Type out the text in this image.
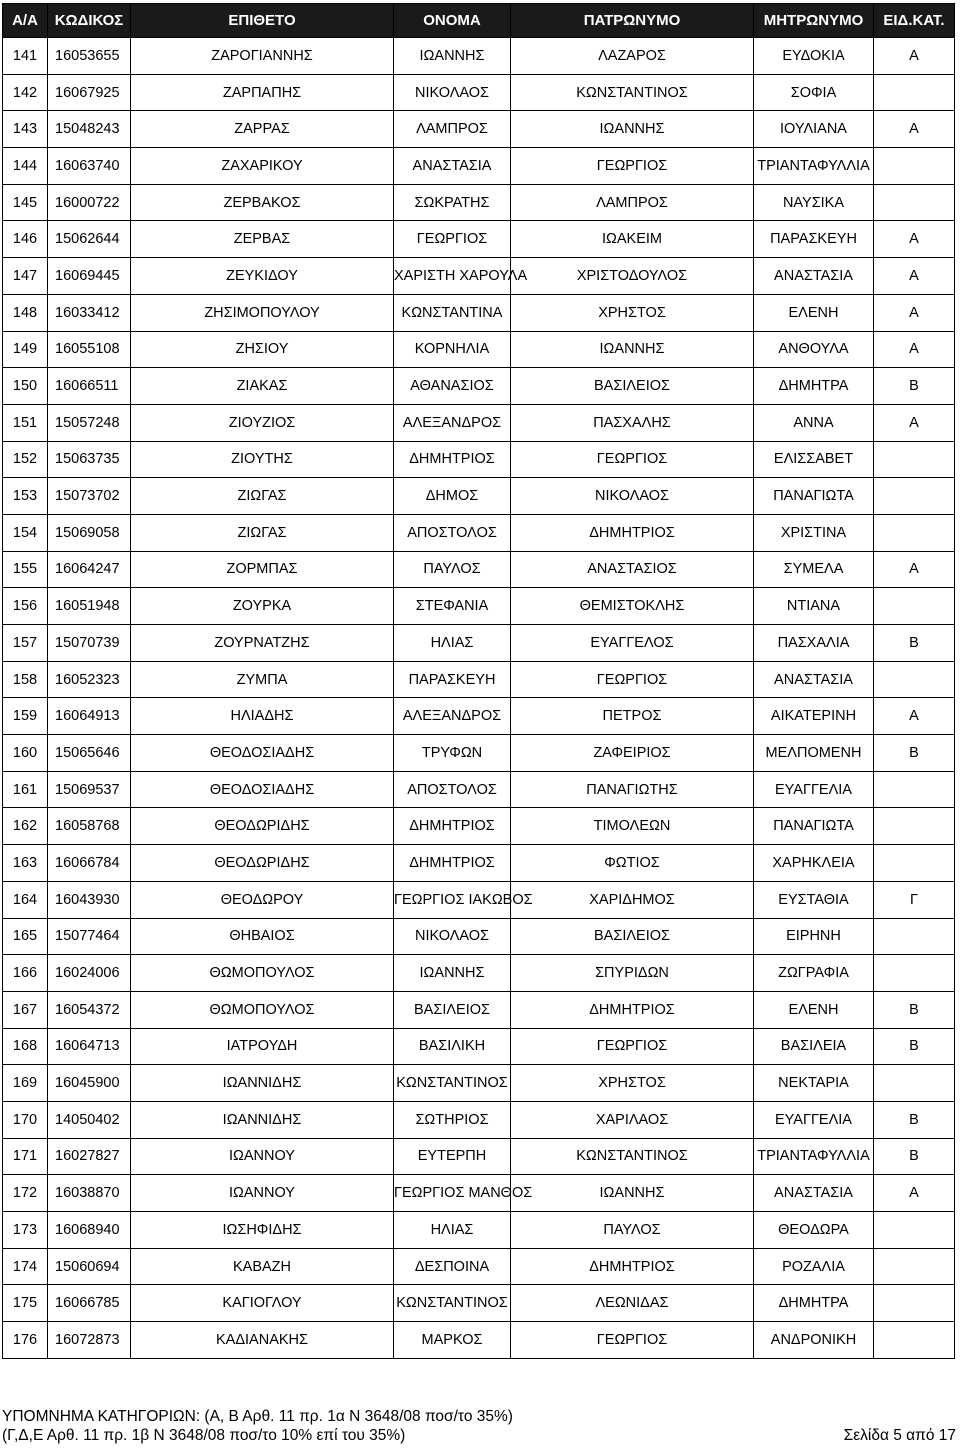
Α/Α	ΚΩΔΙΚΟΣ	ΕΠΙΘΕΤΟ	ΟΝΟΜΑ	ΠΑΤΡΩΝΥΜΟ	ΜΗΤΡΩΝΥΜΟ	ΕΙΔ.ΚΑΤ.
141	16053655	ΖΑΡΟΓΙΑΝΝΗΣ	ΙΩΑΝΝΗΣ	ΛΑΖΑΡΟΣ	ΕΥΔΟΚΙΑ	Α
142	16067925	ΖΑΡΠΑΠΗΣ	ΝΙΚΟΛΑΟΣ	ΚΩΝΣΤΑΝΤΙΝΟΣ	ΣΟΦΙΑ	
143	15048243	ΖΑΡΡΑΣ	ΛΑΜΠΡΟΣ	ΙΩΑΝΝΗΣ	ΙΟΥΛΙΑΝΑ	Α
144	16063740	ΖΑΧΑΡΙΚΟΥ	ΑΝΑΣΤΑΣΙΑ	ΓΕΩΡΓΙΟΣ	ΤΡΙΑΝΤΑΦΥΛΛΙΑ	
145	16000722	ΖΕΡΒΑΚΟΣ	ΣΩΚΡΑΤΗΣ	ΛΑΜΠΡΟΣ	ΝΑΥΣΙΚΑ	
146	15062644	ΖΕΡΒΑΣ	ΓΕΩΡΓΙΟΣ	ΙΩΑΚΕΙΜ	ΠΑΡΑΣΚΕΥΗ	Α
147	16069445	ΖΕΥΚΙΔΟΥ	ΧΑΡΙΣΤΗ ΧΑΡΟΥΛΑ	ΧΡΙΣΤΟΔΟΥΛΟΣ	ΑΝΑΣΤΑΣΙΑ	Α
148	16033412	ΖΗΣΙΜΟΠΟΥΛΟΥ	ΚΩΝΣΤΑΝΤΙΝΑ	ΧΡΗΣΤΟΣ	ΕΛΕΝΗ	Α
149	16055108	ΖΗΣΙΟΥ	ΚΟΡΝΗΛΙΑ	ΙΩΑΝΝΗΣ	ΑΝΘΟΥΛΑ	Α
150	16066511	ΖΙΑΚΑΣ	ΑΘΑΝΑΣΙΟΣ	ΒΑΣΙΛΕΙΟΣ	ΔΗΜΗΤΡΑ	Β
151	15057248	ΖΙΟΥΖΙΟΣ	ΑΛΕΞΑΝΔΡΟΣ	ΠΑΣΧΑΛΗΣ	ΑΝΝΑ	Α
152	15063735	ΖΙΟΥΤΗΣ	ΔΗΜΗΤΡΙΟΣ	ΓΕΩΡΓΙΟΣ	ΕΛΙΣΣΑΒΕΤ	
153	15073702	ΖΙΩΓΑΣ	ΔΗΜΟΣ	ΝΙΚΟΛΑΟΣ	ΠΑΝΑΓΙΩΤΑ	
154	15069058	ΖΙΩΓΑΣ	ΑΠΟΣΤΟΛΟΣ	ΔΗΜΗΤΡΙΟΣ	ΧΡΙΣΤΙΝΑ	
155	16064247	ΖΟΡΜΠΑΣ	ΠΑΥΛΟΣ	ΑΝΑΣΤΑΣΙΟΣ	ΣΥΜΕΛΑ	Α
156	16051948	ΖΟΥΡΚΑ	ΣΤΕΦΑΝΙΑ	ΘΕΜΙΣΤΟΚΛΗΣ	ΝΤΙΑΝΑ	
157	15070739	ΖΟΥΡΝΑΤΖΗΣ	ΗΛΙΑΣ	ΕΥΑΓΓΕΛΟΣ	ΠΑΣΧΑΛΙΑ	Β
158	16052323	ΖΥΜΠΑ	ΠΑΡΑΣΚΕΥΗ	ΓΕΩΡΓΙΟΣ	ΑΝΑΣΤΑΣΙΑ	
159	16064913	ΗΛΙΑΔΗΣ	ΑΛΕΞΑΝΔΡΟΣ	ΠΕΤΡΟΣ	ΑΙΚΑΤΕΡΙΝΗ	Α
160	15065646	ΘΕΟΔΟΣΙΑΔΗΣ	ΤΡΥΦΩΝ	ΖΑΦΕΙΡΙΟΣ	ΜΕΛΠΟΜΕΝΗ	Β
161	15069537	ΘΕΟΔΟΣΙΑΔΗΣ	ΑΠΟΣΤΟΛΟΣ	ΠΑΝΑΓΙΩΤΗΣ	ΕΥΑΓΓΕΛΙΑ	
162	16058768	ΘΕΟΔΩΡΙΔΗΣ	ΔΗΜΗΤΡΙΟΣ	ΤΙΜΟΛΕΩΝ	ΠΑΝΑΓΙΩΤΑ	
163	16066784	ΘΕΟΔΩΡΙΔΗΣ	ΔΗΜΗΤΡΙΟΣ	ΦΩΤΙΟΣ	ΧΑΡΗΚΛΕΙΑ	
164	16043930	ΘΕΟΔΩΡΟΥ	ΓΕΩΡΓΙΟΣ ΙΑΚΩΒΟΣ	ΧΑΡΙΔΗΜΟΣ	ΕΥΣΤΑΘΙΑ	Γ
165	15077464	ΘΗΒΑΙΟΣ	ΝΙΚΟΛΑΟΣ	ΒΑΣΙΛΕΙΟΣ	ΕΙΡΗΝΗ	
166	16024006	ΘΩΜΟΠΟΥΛΟΣ	ΙΩΑΝΝΗΣ	ΣΠΥΡΙΔΩΝ	ΖΩΓΡΑΦΙΑ	
167	16054372	ΘΩΜΟΠΟΥΛΟΣ	ΒΑΣΙΛΕΙΟΣ	ΔΗΜΗΤΡΙΟΣ	ΕΛΕΝΗ	Β
168	16064713	ΙΑΤΡΟΥΔΗ	ΒΑΣΙΛΙΚΗ	ΓΕΩΡΓΙΟΣ	ΒΑΣΙΛΕΙΑ	Β
169	16045900	ΙΩΑΝΝΙΔΗΣ	ΚΩΝΣΤΑΝΤΙΝΟΣ	ΧΡΗΣΤΟΣ	ΝΕΚΤΑΡΙΑ	
170	14050402	ΙΩΑΝΝΙΔΗΣ	ΣΩΤΗΡΙΟΣ	ΧΑΡΙΛΑΟΣ	ΕΥΑΓΓΕΛΙΑ	Β
171	16027827	ΙΩΑΝΝΟΥ	ΕΥΤΕΡΠΗ	ΚΩΝΣΤΑΝΤΙΝΟΣ	ΤΡΙΑΝΤΑΦΥΛΛΙΑ	Β
172	16038870	ΙΩΑΝΝΟΥ	ΓΕΩΡΓΙΟΣ ΜΑΝΘΟΣ	ΙΩΑΝΝΗΣ	ΑΝΑΣΤΑΣΙΑ	Α
173	16068940	ΙΩΣΗΦΙΔΗΣ	ΗΛΙΑΣ	ΠΑΥΛΟΣ	ΘΕΟΔΩΡΑ	
174	15060694	ΚΑΒΑΖΗ	ΔΕΣΠΟΙΝΑ	ΔΗΜΗΤΡΙΟΣ	ΡΟΖΑΛΙΑ	
175	16066785	ΚΑΓΙΟΓΛΟΥ	ΚΩΝΣΤΑΝΤΙΝΟΣ	ΛΕΩΝΙΔΑΣ	ΔΗΜΗΤΡΑ	
176	16072873	ΚΑΔΙΑΝΑΚΗΣ	ΜΑΡΚΟΣ	ΓΕΩΡΓΙΟΣ	ΑΝΔΡΟΝΙΚΗ	
ΥΠΟΜΝΗΜΑ ΚΑΤΗΓΟΡΙΩΝ: (Α, Β Αρθ. 11 πρ. 1α Ν 3648/08 ποσ/το 35%)
(Γ,Δ,Ε Αρθ. 11 πρ. 1β Ν 3648/08 ποσ/το 10% επί του 35%)	Σελίδα 5 από 17
